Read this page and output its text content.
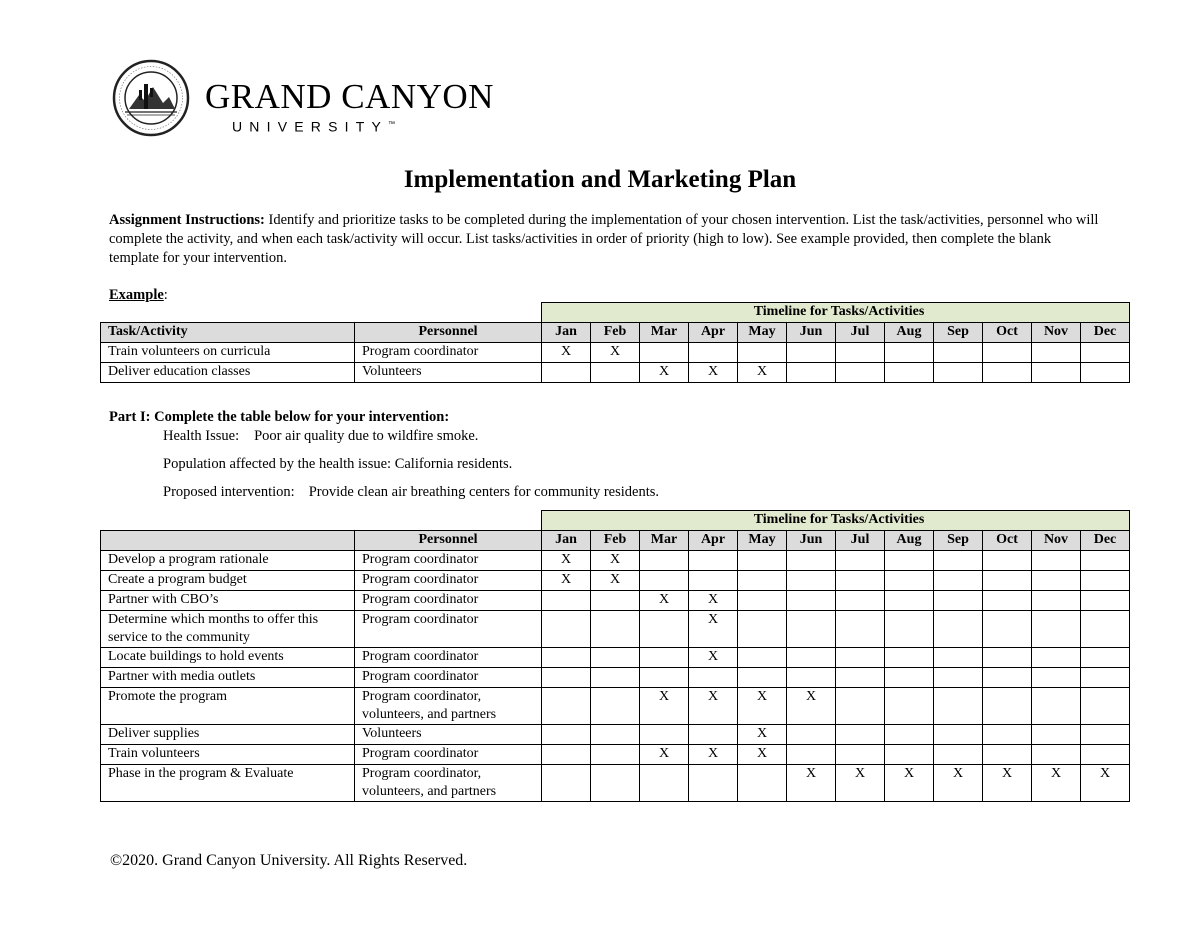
GRAND CANYON
UNIVERSITY™
Implementation and Marketing Plan
Assignment Instructions: Identify and prioritize tasks to be completed during the implementation of your chosen intervention. List the task/activities, personnel who will complete the activity, and when each task/activity will occur. List tasks/activities in order of priority (high to low). See example provided, then complete the blank template for your intervention.
Example:
		Timeline for Tasks/Activities											
Task/Activity	Personnel	Jan	Feb	Mar	Apr	May	Jun	Jul	Aug	Sep	Oct	Nov	Dec
Train volunteers on curricula	Program coordinator	X	X										
Deliver education classes	Volunteers			X	X	X							
Part I: Complete the table below for your intervention:
Health Issue: Poor air quality due to wildfire smoke.
Population affected by the health issue: California residents.
Proposed intervention: Provide clean air breathing centers for community residents.
		Timeline for Tasks/Activities											
	Personnel	Jan	Feb	Mar	Apr	May	Jun	Jul	Aug	Sep	Oct	Nov	Dec
Develop a program rationale	Program coordinator	X	X										
Create a program budget	Program coordinator	X	X										
Partner with CBO’s	Program coordinator			X	X								
Determine which months to offer this service to the community	Program coordinator				X								
Locate buildings to hold events	Program coordinator				X								
Partner with media outlets	Program coordinator												
Promote the program	Program coordinator, volunteers, and partners			X	X	X	X						
Deliver supplies	Volunteers					X							
Train volunteers	Program coordinator			X	X	X							
Phase in the program & Evaluate	Program coordinator, volunteers, and partners						X	X	X	X	X	X	X
©2020. Grand Canyon University. All Rights Reserved.
